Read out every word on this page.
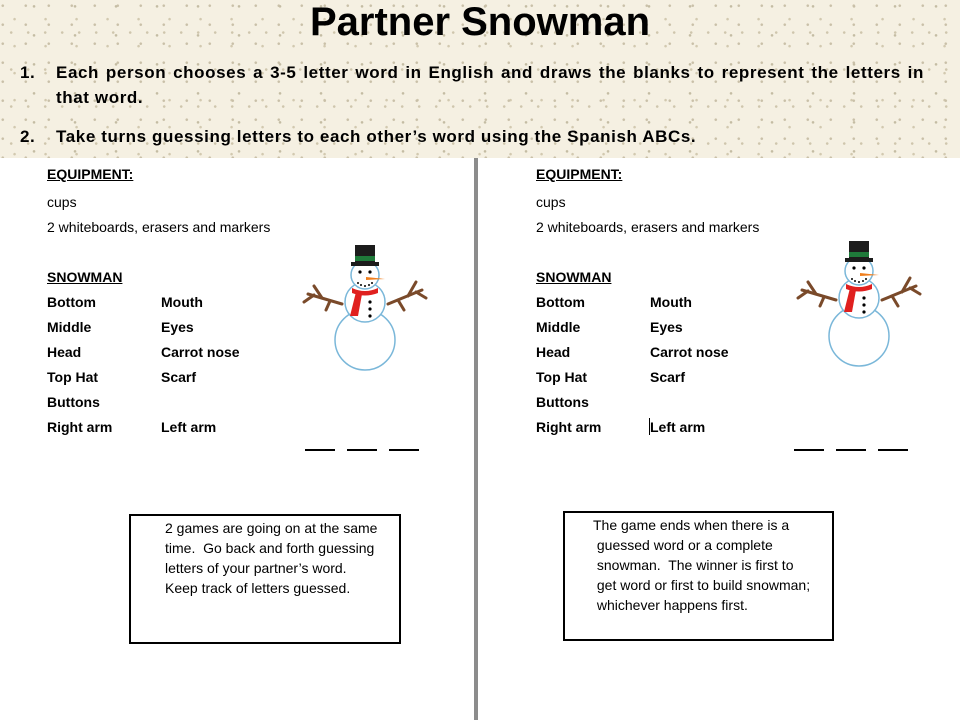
Partner Snowman
1. Each person chooses a 3-5 letter word in English and draws the blanks to represent the letters in that word.
2. Take turns guessing letters to each other’s word using the Spanish ABCs.
EQUIPMENT:
cups
2 whiteboards, erasers and markers
SNOWMAN
Bottom
Middle
Head
Top Hat
Buttons
Right arm
Mouth
Eyes
Carrot nose
Scarf
Left arm
2 games are going on at the same
time.  Go back and forth guessing
letters of your partner’s word.
Keep track of letters guessed.
EQUIPMENT:
cups
2 whiteboards, erasers and markers
SNOWMAN
Bottom
Middle
Head
Top Hat
Buttons
Right arm
Mouth
Eyes
Carrot nose
Scarf
Left arm
The game ends when there is a
guessed word or a complete
snowman.  The winner is first to
get word or first to build snowman;
whichever happens first.
